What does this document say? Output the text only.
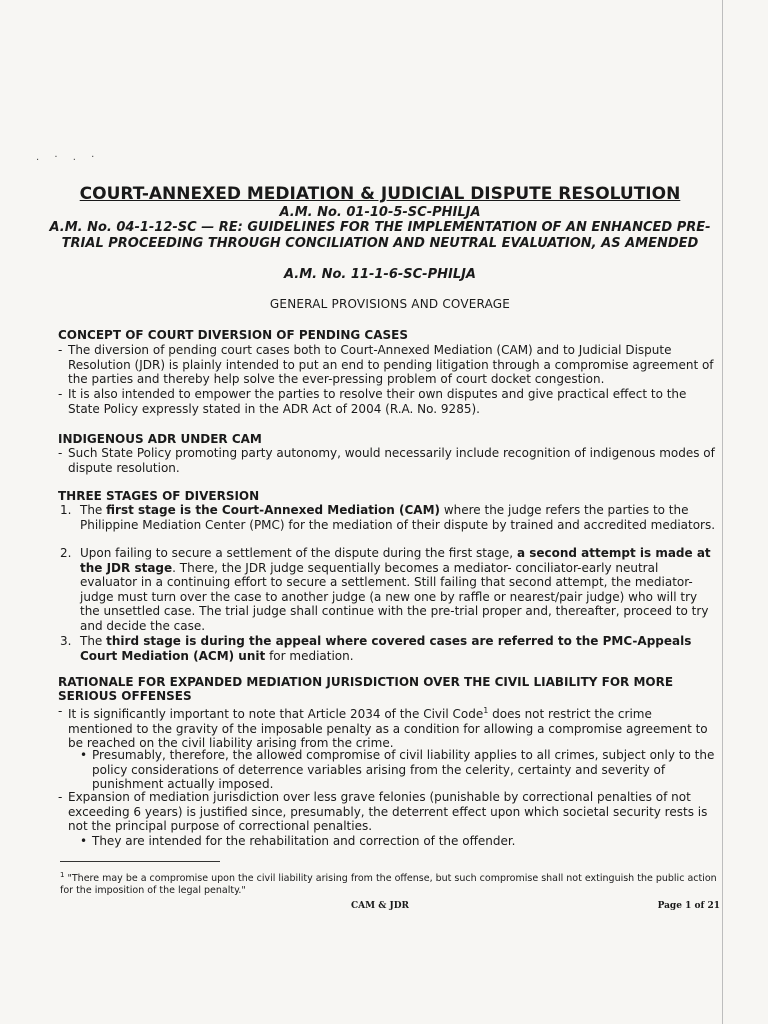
. · . ·
COURT-ANNEXED MEDIATION & JUDICIAL DISPUTE RESOLUTION
A.M. No. 01-10-5-SC-PHILJA
A.M. No. 04-1-12-SC — RE: GUIDELINES FOR THE IMPLEMENTATION OF AN ENHANCED PRE-TRIAL PROCEEDING THROUGH CONCILIATION AND NEUTRAL EVALUATION, AS AMENDED
A.M. No. 11-1-6-SC-PHILJA
GENERAL PROVISIONS AND COVERAGE
CONCEPT OF COURT DIVERSION OF PENDING CASES
- The diversion of pending court cases both to Court-Annexed Mediation (CAM) and to Judicial Dispute Resolution (JDR) is plainly intended to put an end to pending litigation through a compromise agreement of the parties and thereby help solve the ever-pressing problem of court docket congestion.
- It is also intended to empower the parties to resolve their own disputes and give practical effect to the State Policy expressly stated in the ADR Act of 2004 (R.A. No. 9285).
INDIGENOUS ADR UNDER CAM
- Such State Policy promoting party autonomy, would necessarily include recognition of indigenous modes of dispute resolution.
THREE STAGES OF DIVERSION
1. The first stage is the Court-Annexed Mediation (CAM) where the judge refers the parties to the Philippine Mediation Center (PMC) for the mediation of their dispute by trained and accredited mediators.
2. Upon failing to secure a settlement of the dispute during the first stage, a second attempt is made at the JDR stage. There, the JDR judge sequentially becomes a mediator- conciliator-early neutral evaluator in a continuing effort to secure a settlement. Still failing that second attempt, the mediator-judge must turn over the case to another judge (a new one by raffle or nearest/pair judge) who will try the unsettled case. The trial judge shall continue with the pre-trial proper and, thereafter, proceed to try and decide the case.
3. The third stage is during the appeal where covered cases are referred to the PMC-Appeals Court Mediation (ACM) unit for mediation.
RATIONALE FOR EXPANDED MEDIATION JURISDICTION OVER THE CIVIL LIABILITY FOR MORE SERIOUS OFFENSES
- It is significantly important to note that Article 2034 of the Civil Code$^1$ does not restrict the crime mentioned to the gravity of the imposable penalty as a condition for allowing a compromise agreement to be reached on the civil liability arising from the crime.
• Presumably, therefore, the allowed compromise of civil liability applies to all crimes, subject only to the policy considerations of deterrence variables arising from the celerity, certainty and severity of punishment actually imposed.
- Expansion of mediation jurisdiction over less grave felonies (punishable by correctional penalties of not exceeding 6 years) is justified since, presumably, the deterrent effect upon which societal security rests is not the principal purpose of correctional penalties.
• They are intended for the rehabilitation and correction of the offender.
$^1$ "There may be a compromise upon the civil liability arising from the offense, but such compromise shall not extinguish the public action for the imposition of the legal penalty."
CAM & JDR	Page 1 of 21
